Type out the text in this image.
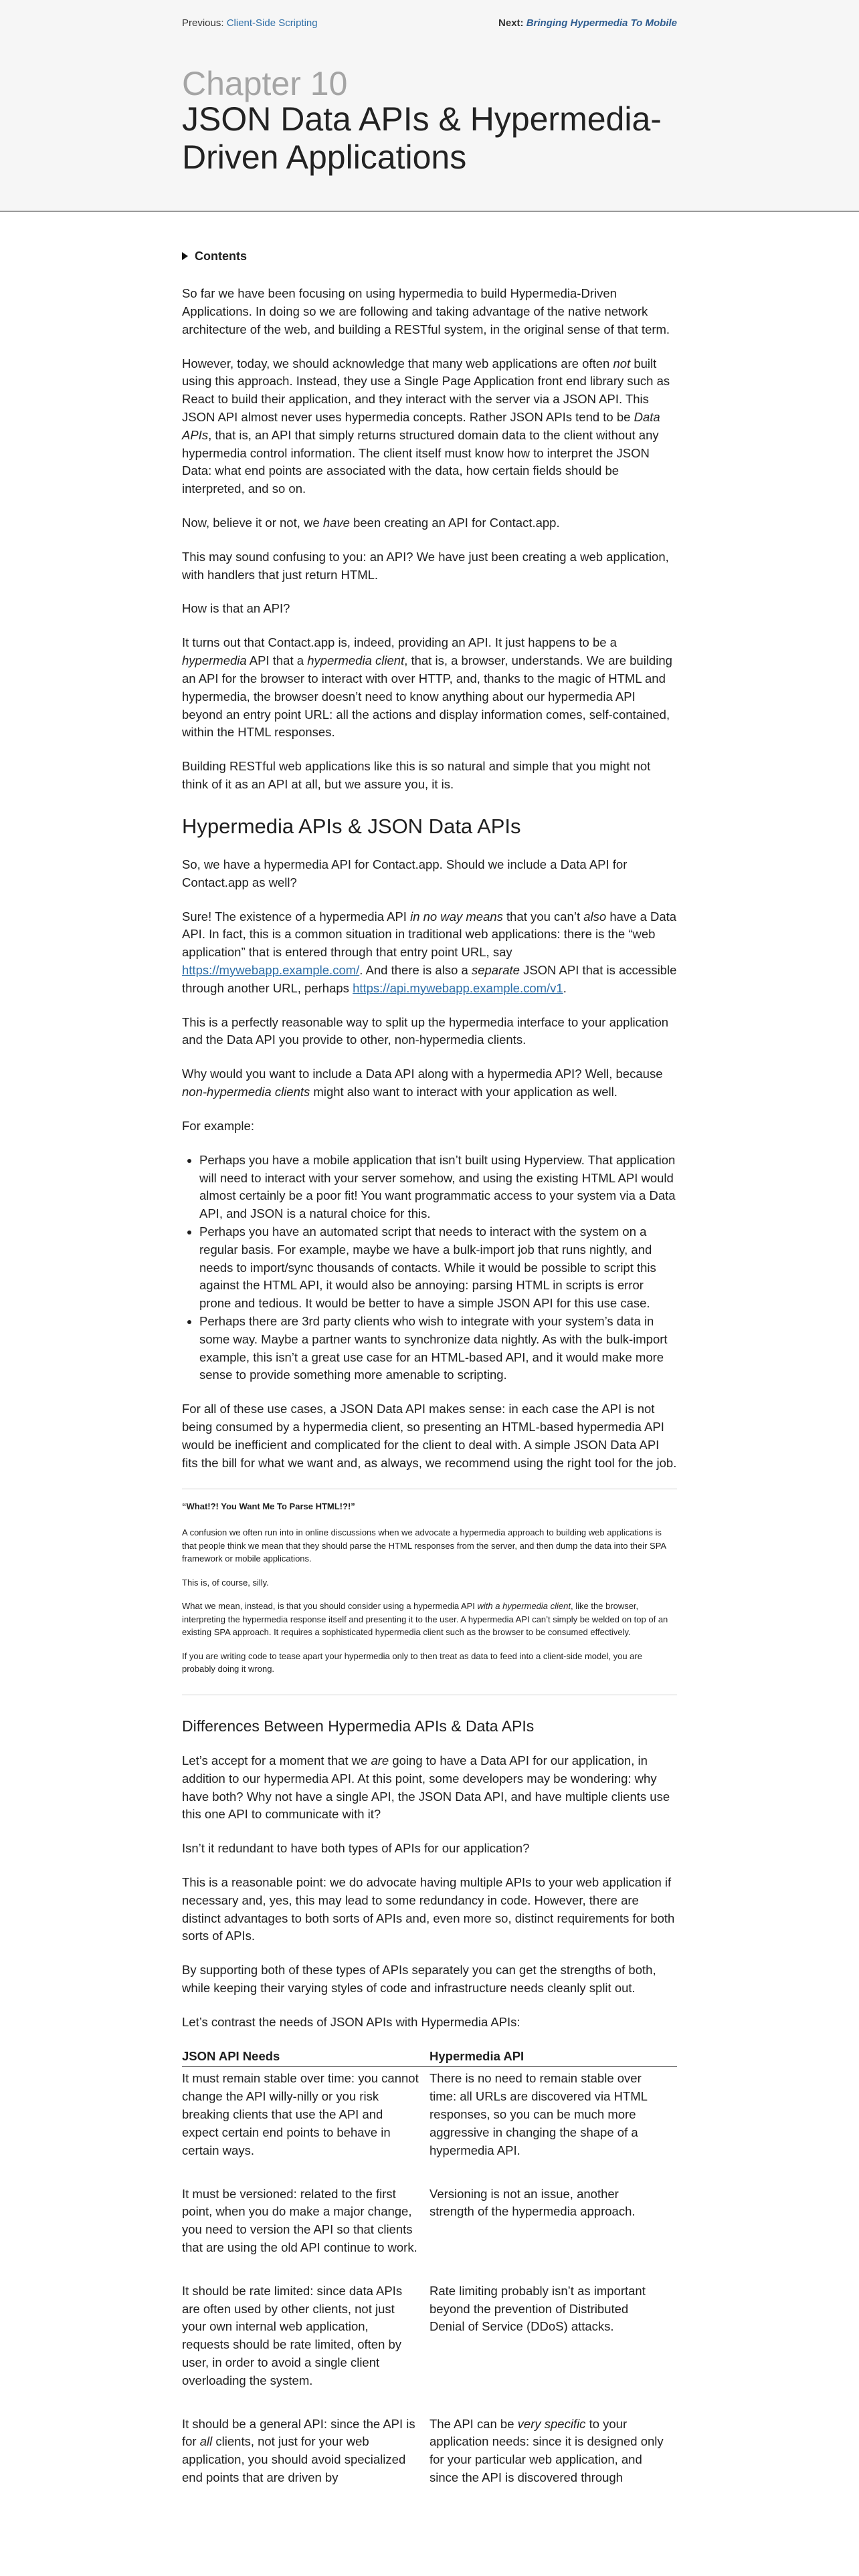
Previous: Client-Side Scripting	Next: Bringing Hypermedia To Mobile
Chapter 10
JSON Data APIs & Hypermedia-Driven Applications
Contents

So far we have been focusing on using hypermedia to build Hypermedia-Driven Applications. In doing so we are following and taking advantage of the native network architecture of the web, and building a RESTful system, in the original sense of that term.

However, today, we should acknowledge that many web applications are often not built using this approach. Instead, they use a Single Page Application front end library such as React to build their application, and they interact with the server via a JSON API. This JSON API almost never uses hypermedia concepts. Rather JSON APIs tend to be Data APIs, that is, an API that simply returns structured domain data to the client without any hypermedia control information. The client itself must know how to interpret the JSON Data: what end points are associated with the data, how certain fields should be interpreted, and so on.

Now, believe it or not, we have been creating an API for Contact.app.

This may sound confusing to you: an API? We have just been creating a web application, with handlers that just return HTML.

How is that an API?

It turns out that Contact.app is, indeed, providing an API. It just happens to be a hypermedia API that a hypermedia client, that is, a browser, understands. We are building an API for the browser to interact with over HTTP, and, thanks to the magic of HTML and hypermedia, the browser doesn’t need to know anything about our hypermedia API beyond an entry point URL: all the actions and display information comes, self-contained, within the HTML responses.

Building RESTful web applications like this is so natural and simple that you might not think of it as an API at all, but we assure you, it is.

Hypermedia APIs & JSON Data APIs

So, we have a hypermedia API for Contact.app. Should we include a Data API for Contact.app as well?

Sure! The existence of a hypermedia API in no way means that you can’t also have a Data API. In fact, this is a common situation in traditional web applications: there is the “web application” that is entered through that entry point URL, say https://mywebapp.example.com/. And there is also a separate JSON API that is accessible through another URL, perhaps https://api.mywebapp.example.com/v1.

This is a perfectly reasonable way to split up the hypermedia interface to your application and the Data API you provide to other, non-hypermedia clients.

Why would you want to include a Data API along with a hypermedia API? Well, because non-hypermedia clients might also want to interact with your application as well.

For example:

• Perhaps you have a mobile application that isn’t built using Hyperview. That application will need to interact with your server somehow, and using the existing HTML API would almost certainly be a poor fit! You want programmatic access to your system via a Data API, and JSON is a natural choice for this.
• Perhaps you have an automated script that needs to interact with the system on a regular basis. For example, maybe we have a bulk-import job that runs nightly, and needs to import/sync thousands of contacts. While it would be possible to script this against the HTML API, it would also be annoying: parsing HTML in scripts is error prone and tedious. It would be better to have a simple JSON API for this use case.
• Perhaps there are 3rd party clients who wish to integrate with your system’s data in some way. Maybe a partner wants to synchronize data nightly. As with the bulk-import example, this isn’t a great use case for an HTML-based API, and it would make more sense to provide something more amenable to scripting.

For all of these use cases, a JSON Data API makes sense: in each case the API is not being consumed by a hypermedia client, so presenting an HTML-based hypermedia API would be inefficient and complicated for the client to deal with. A simple JSON Data API fits the bill for what we want and, as always, we recommend using the right tool for the job.

“What!?! You Want Me To Parse HTML!?!”

A confusion we often run into in online discussions when we advocate a hypermedia approach to building web applications is that people think we mean that they should parse the HTML responses from the server, and then dump the data into their SPA framework or mobile applications.

This is, of course, silly.

What we mean, instead, is that you should consider using a hypermedia API with a hypermedia client, like the browser, interpreting the hypermedia response itself and presenting it to the user. A hypermedia API can’t simply be welded on top of an existing SPA approach. It requires a sophisticated hypermedia client such as the browser to be consumed effectively.

If you are writing code to tease apart your hypermedia only to then treat as data to feed into a client-side model, you are probably doing it wrong.

Differences Between Hypermedia APIs & Data APIs

Let’s accept for a moment that we are going to have a Data API for our application, in addition to our hypermedia API. At this point, some developers may be wondering: why have both? Why not have a single API, the JSON Data API, and have multiple clients use this one API to communicate with it?

Isn’t it redundant to have both types of APIs for our application?

This is a reasonable point: we do advocate having multiple APIs to your web application if necessary and, yes, this may lead to some redundancy in code. However, there are distinct advantages to both sorts of APIs and, even more so, distinct requirements for both sorts of APIs.

By supporting both of these types of APIs separately you can get the strengths of both, while keeping their varying styles of code and infrastructure needs cleanly split out.

Let’s contrast the needs of JSON APIs with Hypermedia APIs:

JSON API Needs	Hypermedia API
It must remain stable over time: you cannot change the API willy-nilly or you risk breaking clients that use the API and expect certain end points to behave in certain ways.	There is no need to remain stable over time: all URLs are discovered via HTML responses, so you can be much more aggressive in changing the shape of a hypermedia API.
It must be versioned: related to the first point, when you do make a major change, you need to version the API so that clients that are using the old API continue to work.	Versioning is not an issue, another strength of the hypermedia approach.
It should be rate limited: since data APIs are often used by other clients, not just your own internal web application, requests should be rate limited, often by user, in order to avoid a single client overloading the system.	Rate limiting probably isn’t as important beyond the prevention of Distributed Denial of Service (DDoS) attacks.
It should be a general API: since the API is for all clients, not just for your web application, you should avoid specialized end points that are driven by	The API can be very specific to your application needs: since it is designed only for your particular web application, and since the API is discovered through
